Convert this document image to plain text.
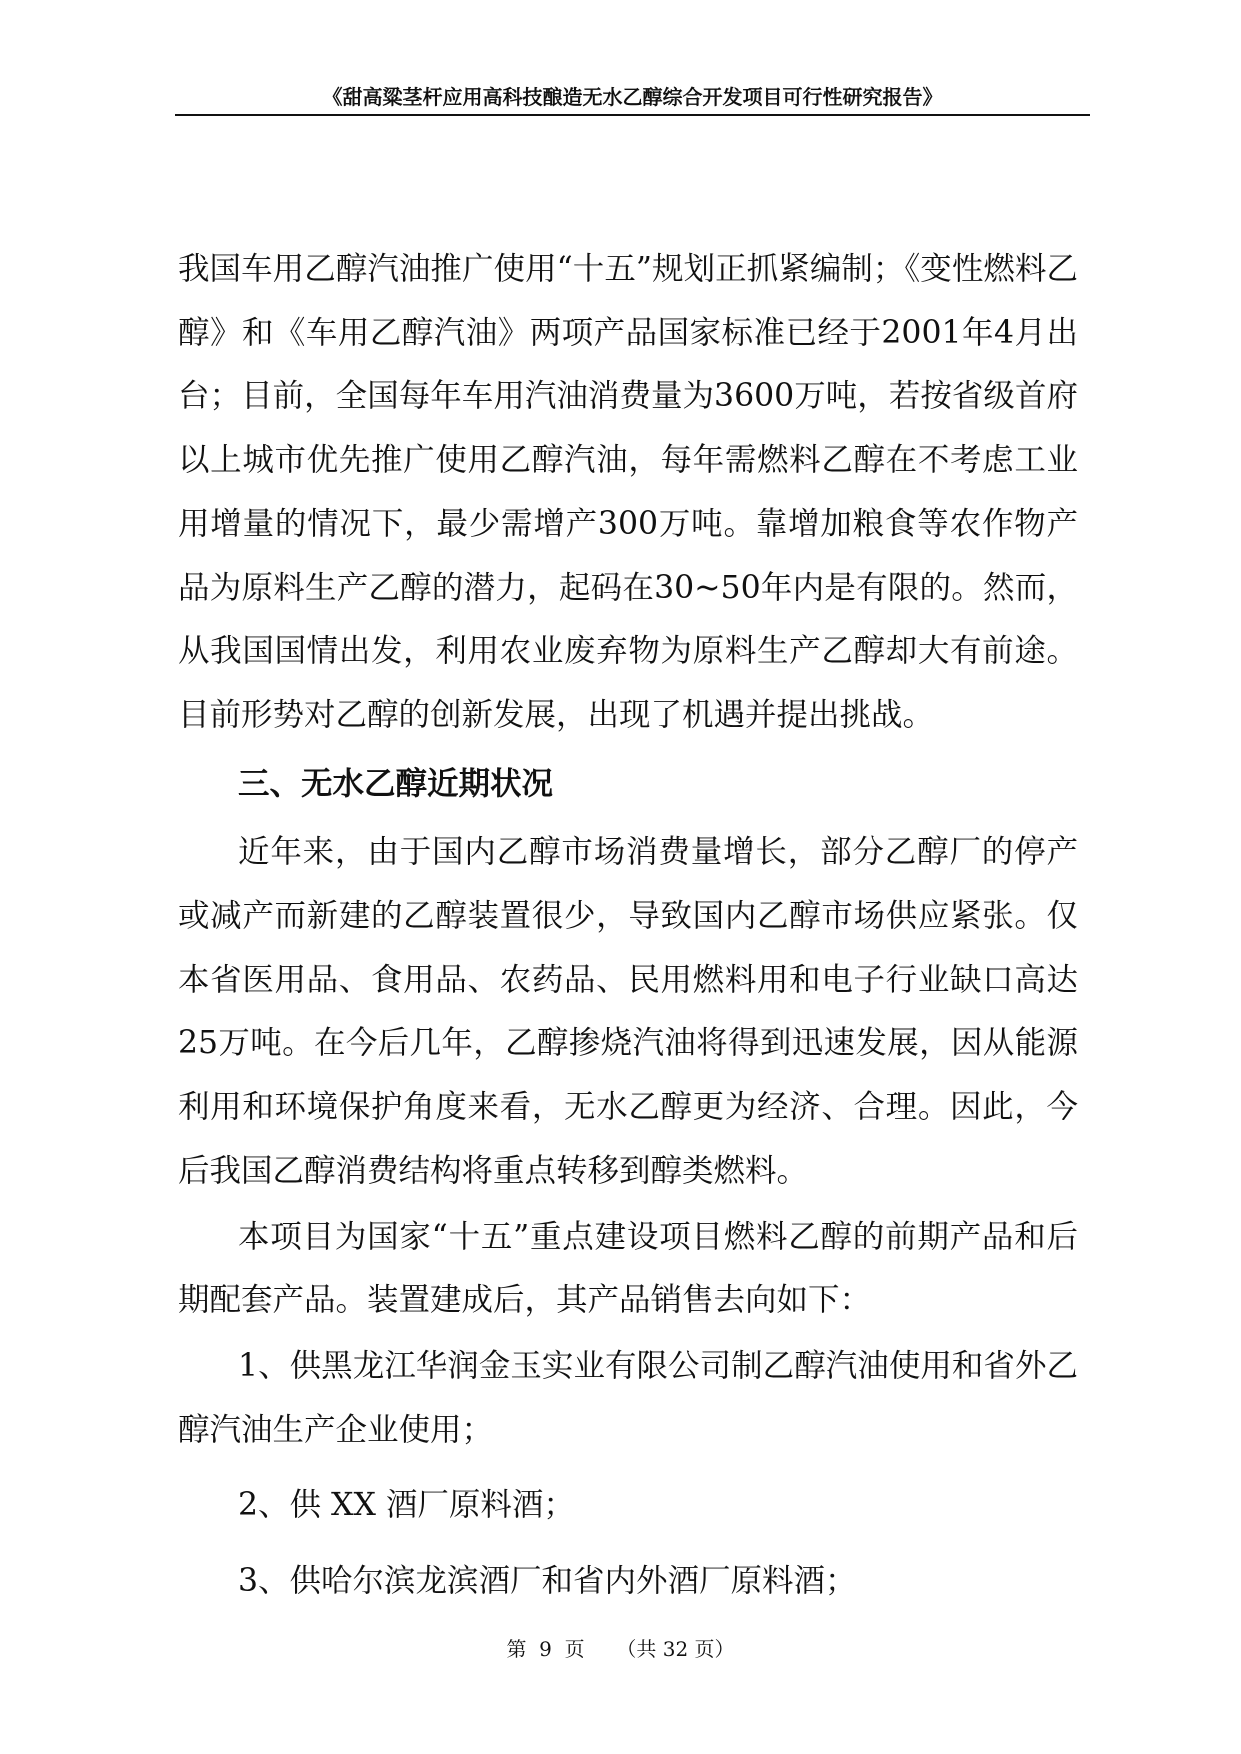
《甜高粱茎杆应用高科技酿造无水乙醇综合开发项目可行性研究报告》

我国车用乙醇汽油推广使用“十五”规划正抓紧编制；《变性燃料乙醇》和《车用乙醇汽油》两项产品国家标准已经于2001年4月出台；目前，全国每年车用汽油消费量为3600万吨，若按省级首府以上城市优先推广使用乙醇汽油，每年需燃料乙醇在不考虑工业用增量的情况下，最少需增产300万吨。靠增加粮食等农作物产品为原料生产乙醇的潜力，起码在30~50年内是有限的。然而，从我国国情出发，利用农业废弃物为原料生产乙醇却大有前途。目前形势对乙醇的创新发展，出现了机遇并提出挑战。

三、无水乙醇近期状况

近年来，由于国内乙醇市场消费量增长，部分乙醇厂的停产或减产而新建的乙醇装置很少，导致国内乙醇市场供应紧张。仅本省医用品、食用品、农药品、民用燃料用和电子行业缺口高达25万吨。在今后几年，乙醇掺烧汽油将得到迅速发展，因从能源利用和环境保护角度来看，无水乙醇更为经济、合理。因此，今后我国乙醇消费结构将重点转移到醇类燃料。

本项目为国家“十五”重点建设项目燃料乙醇的前期产品和后期配套产品。装置建成后，其产品销售去向如下：

1、供黑龙江华润金玉实业有限公司制乙醇汽油使用和省外乙醇汽油生产企业使用；

2、供 XX 酒厂原料酒；

3、供哈尔滨龙滨酒厂和省内外酒厂原料酒；

第  9  页     （共 32 页）
